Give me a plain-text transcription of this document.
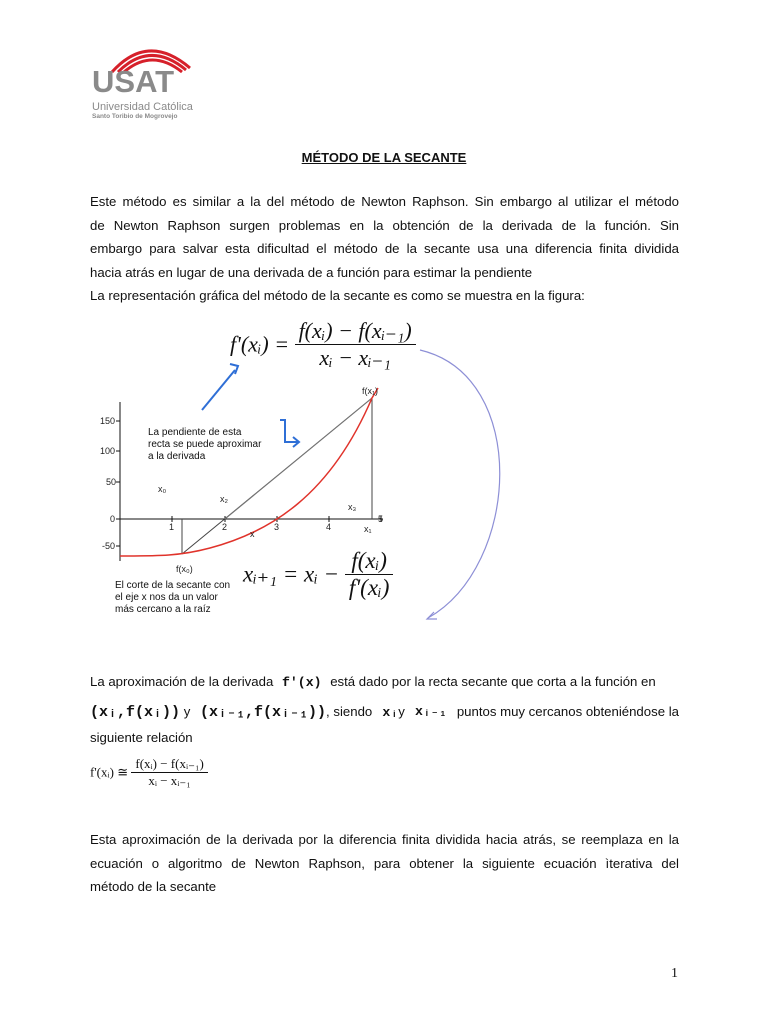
USAT
Universidad Católica
Santo Toribio de Mogrovejo
MÉTODO DE LA SECANTE
Este método es similar a la del método de Newton Raphson. Sin embargo al utilizar el método
de Newton Raphson surgen problemas en la obtención de la derivada de la función. Sin
embargo para salvar esta dificultad el método de la secante usa una diferencia finita dividida
hacia atrás en lugar de una derivada de a función para estimar la pendiente
La representación gráfica del método de la secante es como se muestra en la figura:
f'(xᵢ) = $\frac{\text{f(xᵢ) − f(xᵢ₋₁)}}{\text{xᵢ − xᵢ₋₁}}$
150
100
50
0
-50
1	2	3	4
5
f(x₁)
f(x₀)
x₀
x₂
x₃
x₁
x
La pendiente de esta
recta se puede aproximar
a la derivada
El corte de la secante con
el eje x nos da un valor
más cercano a la raíz
xᵢ₊₁ = xᵢ − $\frac{\text{f(xᵢ)}}{\text{f'(xᵢ)}}$
La aproximación de la derivada f'(x) está dado por la recta secante que corta a la función en
(xᵢ,f(xᵢ)) y (xᵢ₋₁,f(xᵢ₋₁)), siendo xᵢy xᵢ₋₁ puntos muy cercanos obteniéndose la
siguiente relación
f'(xᵢ) ≅ $\frac{\text{f(xᵢ) − f(xᵢ₋₁)}}{\text{xᵢ − xᵢ₋₁}}$
Esta aproximación de la derivada por la diferencia finita dividida hacia atrás, se reemplaza en la
ecuación o algoritmo de Newton Raphson, para obtener la siguiente ecuación ìterativa del
método de la secante
1
